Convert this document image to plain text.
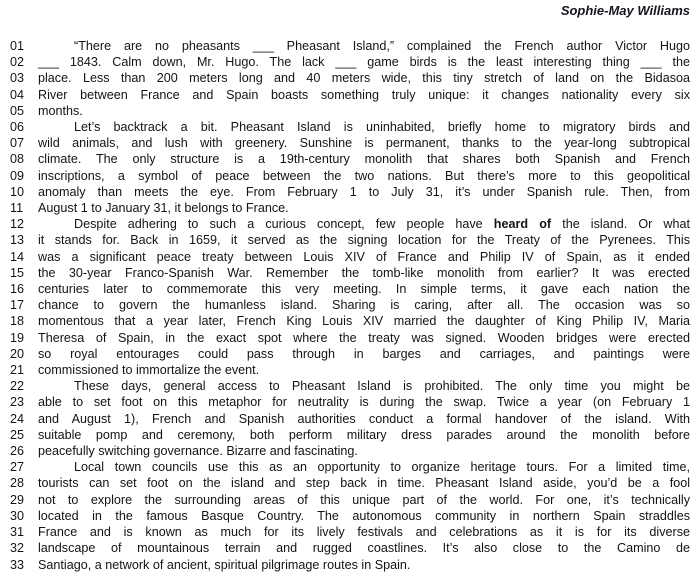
Sophie-May Williams
01	“There are no pheasants ___ Pheasant Island,” complained the French author Victor Hugo
02	___ 1843. Calm down, Mr. Hugo. The lack ___ game birds is the least interesting thing ___ the
03	place. Less than 200 meters long and 40 meters wide, this tiny stretch of land on the Bidasoa
04	River between France and Spain boasts something truly unique: it changes nationality every six
05	months.
06	Let’s backtrack a bit. Pheasant Island is uninhabited, briefly home to migratory birds and
07	wild animals, and lush with greenery. Sunshine is permanent, thanks to the year-long subtropical
08	climate. The only structure is a 19th-century monolith that shares both Spanish and French
09	inscriptions, a symbol of peace between the two nations. But there’s more to this geopolitical
10	anomaly than meets the eye. From February 1 to July 31, it’s under Spanish rule. Then, from
11	August 1 to January 31, it belongs to France.
12	Despite adhering to such a curious concept, few people have heard of the island. Or what
13	it stands for. Back in 1659, it served as the signing location for the Treaty of the Pyrenees. This
14	was a significant peace treaty between Louis XIV of France and Philip IV of Spain, as it ended
15	the 30-year Franco-Spanish War. Remember the tomb-like monolith from earlier? It was erected
16	centuries later to commemorate this very meeting. In simple terms, it gave each nation the
17	chance to govern the humanless island. Sharing is caring, after all. The occasion was so
18	momentous that a year later, French King Louis XIV married the daughter of King Philip IV, Maria
19	Theresa of Spain, in the exact spot where the treaty was signed. Wooden bridges were erected
20	so royal entourages could pass through in barges and carriages, and paintings were
21	commissioned to immortalize the event.
22	These days, general access to Pheasant Island is prohibited. The only time you might be
23	able to set foot on this metaphor for neutrality is during the swap. Twice a year (on February 1
24	and August 1), French and Spanish authorities conduct a formal handover of the island. With
25	suitable pomp and ceremony, both perform military dress parades around the monolith before
26	peacefully switching governance. Bizarre and fascinating.
27	Local town councils use this as an opportunity to organize heritage tours. For a limited time,
28	tourists can set foot on the island and step back in time. Pheasant Island aside, you’d be a fool
29	not to explore the surrounding areas of this unique part of the world. For one, it’s technically
30	located in the famous Basque Country. The autonomous community in northern Spain straddles
31	France and is known as much for its lively festivals and celebrations as it is for its diverse
32	landscape of mountainous terrain and rugged coastlines. It’s also close to the Camino de
33	Santiago, a network of ancient, spiritual pilgrimage routes in Spain.
